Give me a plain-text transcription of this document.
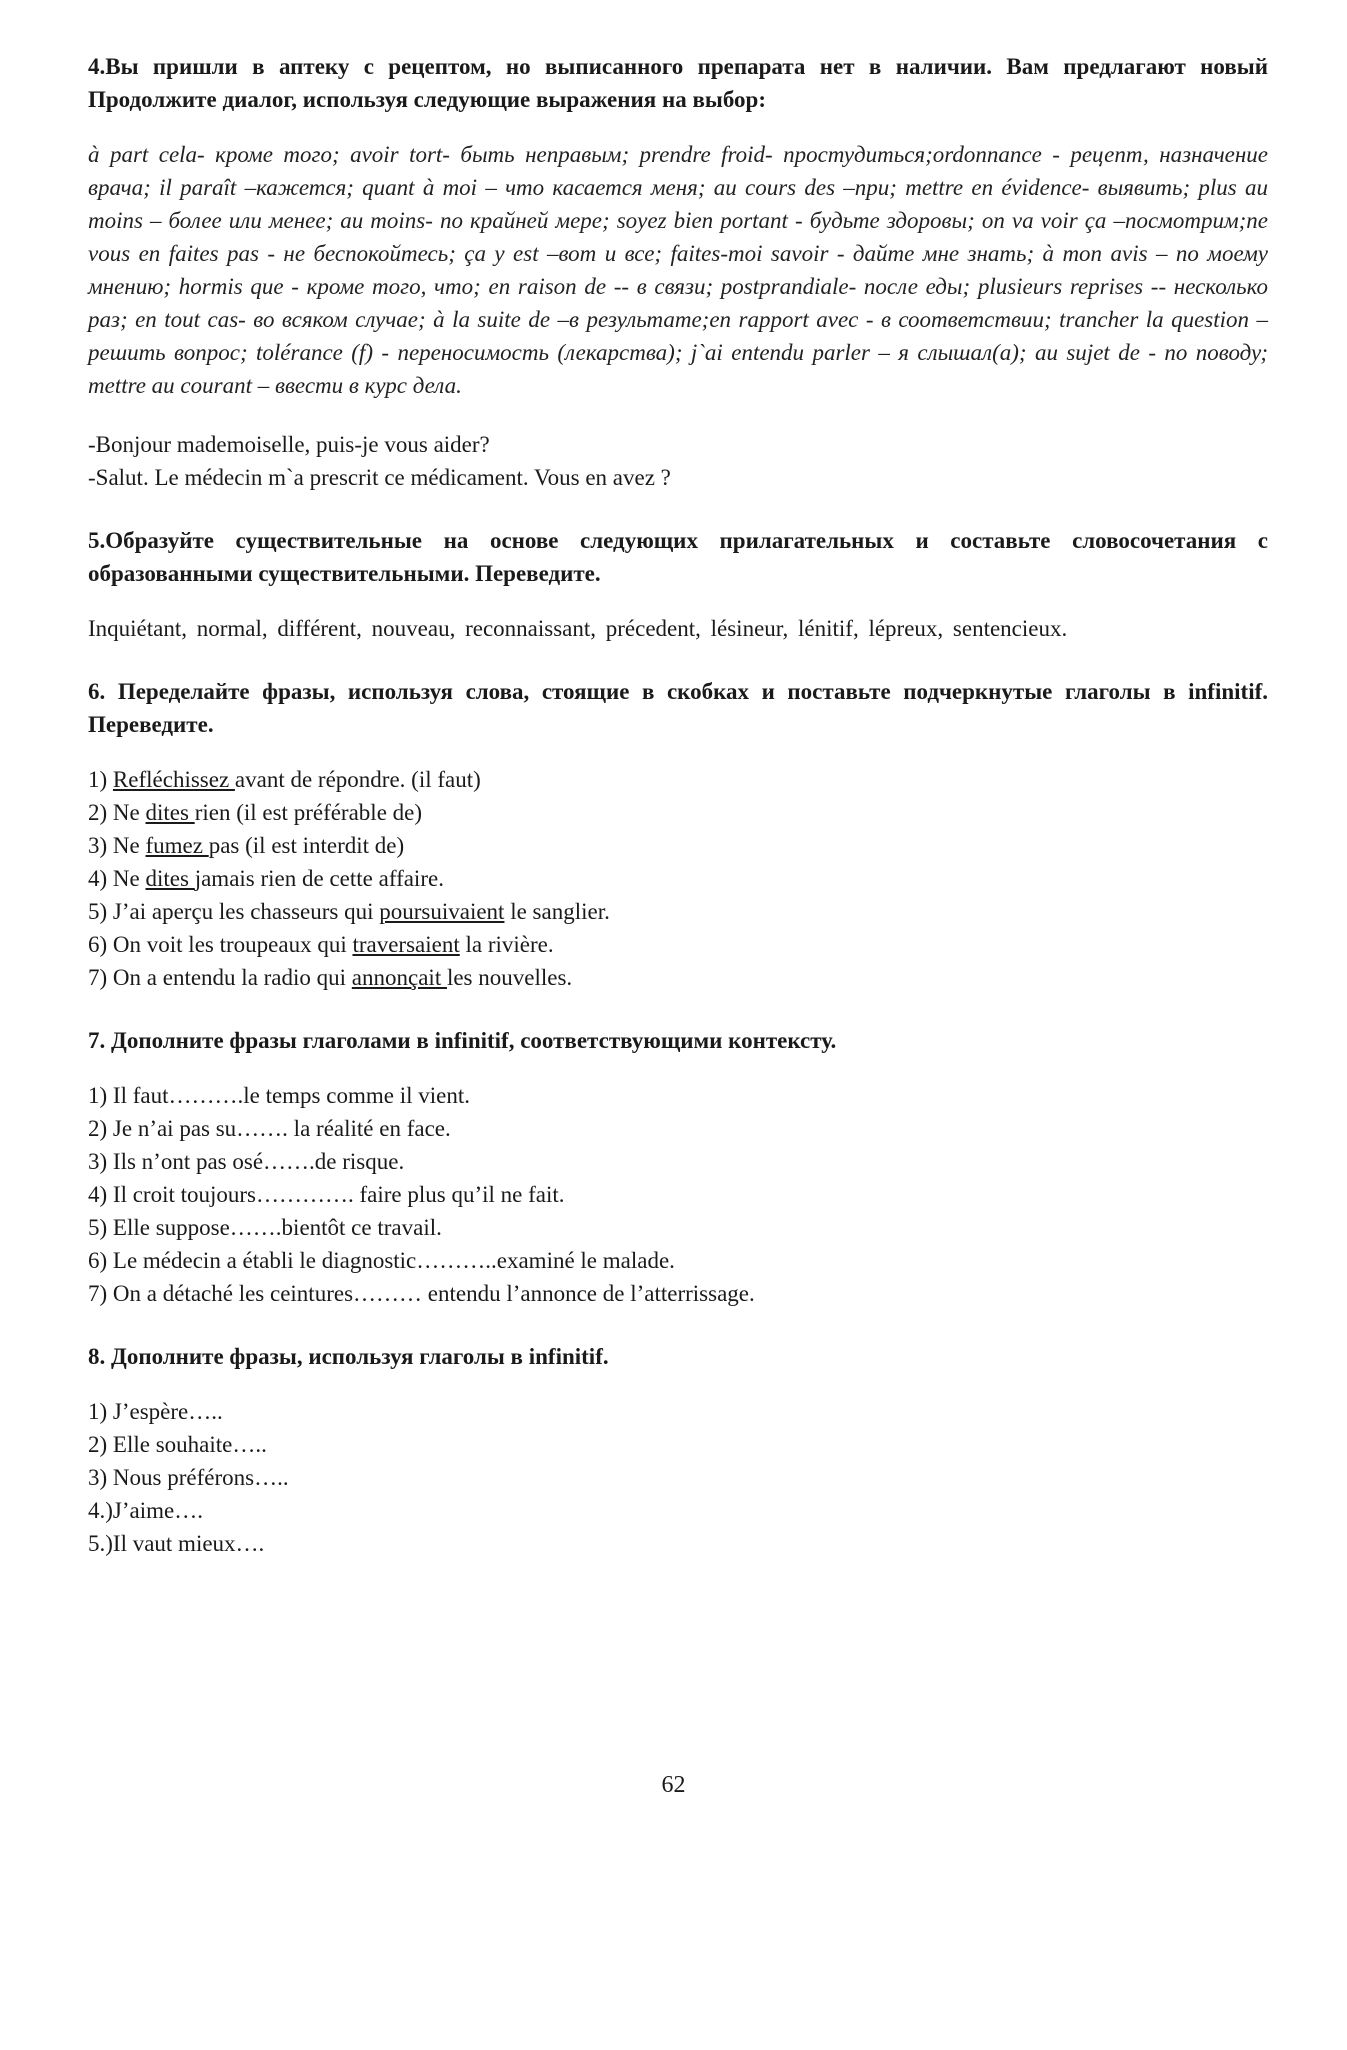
4.Вы пришли в аптеку с рецептом, но выписанного препарата нет в наличии. Вам предлагают новый Продолжите диалог, используя следующие выражения на выбор:

à part cela- кроме того; avoir tort- быть неправым; prendre froid- простудиться;ordonnance - рецепт, назначение врача; il paraît –кажется; quant à moi – что касается меня; au cours des –при; mettre en évidence- выявить; plus au moins – более или менее; au moins- по крайней мере; soyez bien portant - будьте здоровы; on va voir ça –посмотрим;ne vous en faites pas - не беспокойтесь; ça y est –вот и все; faites-moi savoir - дайте мне знать; à mon avis – по моему мнению; hormis que - кроме того, что; en raison de -- в связи; postprandiale- после еды; plusieurs reprises -- несколько раз; en tout cas- во всяком случае; à la suite de –в результате;en rapport avec - в соответствии; trancher la question – решить вопрос; tolérance (f) - переносимость (лекарства); j`ai entendu parler – я слышал(а); au sujet de - по поводу; mettre au courant – ввести в курс дела.

-Bonjour mademoiselle, puis-je vous aider?
-Salut. Le médecin m`a prescrit ce médicament. Vous en avez ?

5.Образуйте существительные на основе следующих прилагательных и составьте словосочетания с образованными существительными. Переведите.

Inquiétant, normal, différent, nouveau, reconnaissant, précedent, lésineur, lénitif, lépreux, sentencieux.

6. Переделайте фразы, используя слова, стоящие в скобках и поставьте подчеркнутые глаголы в infinitif. Переведите.

1) Refléchissez avant de répondre. (il faut)
2) Ne dites rien (il est préférable de)
3) Ne fumez pas (il est interdit de)
4) Ne dites jamais rien de cette affaire.
5) J’ai aperçu les chasseurs qui poursuivaient le sanglier.
6) On voit les troupeaux qui traversaient la rivière.
7) On a entendu la radio qui annonçait les nouvelles.

7. Дополните фразы глаголами в infinitif, соответствующими контексту.

1) Il faut……….le temps comme il vient.
2) Je n’ai pas su……. la réalité en face.
3) Ils n’ont pas osé…….de risque.
4) Il croit toujours…………. faire plus qu’il ne fait.
5) Elle suppose…….bientôt ce travail.
6) Le médecin a établi le diagnostic………..examiné le malade.
7) On a détaché les ceintures……… entendu l’annonce de l’atterrissage.

8. Дополните фразы, используя глаголы в infinitif.

1) J’espère…..
2) Elle souhaite…..
3) Nous préférons…..
4.)J’aime….
5.)Il vaut mieux….
62
